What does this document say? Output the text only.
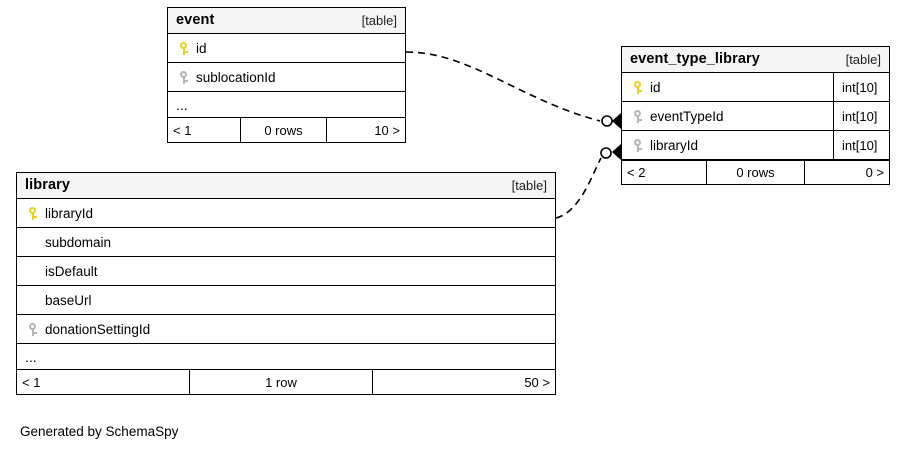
event	[table]
id
sublocationId
...
< 1	0 rows	10 >
event_type_library	[table]
id	int[10]
eventTypeId	int[10]
libraryId	int[10]
< 2	0 rows	0 >
library	[table]
libraryId
subdomain
isDefault
baseUrl
donationSettingId
...
< 1	1 row	50 >
Generated by SchemaSpy
